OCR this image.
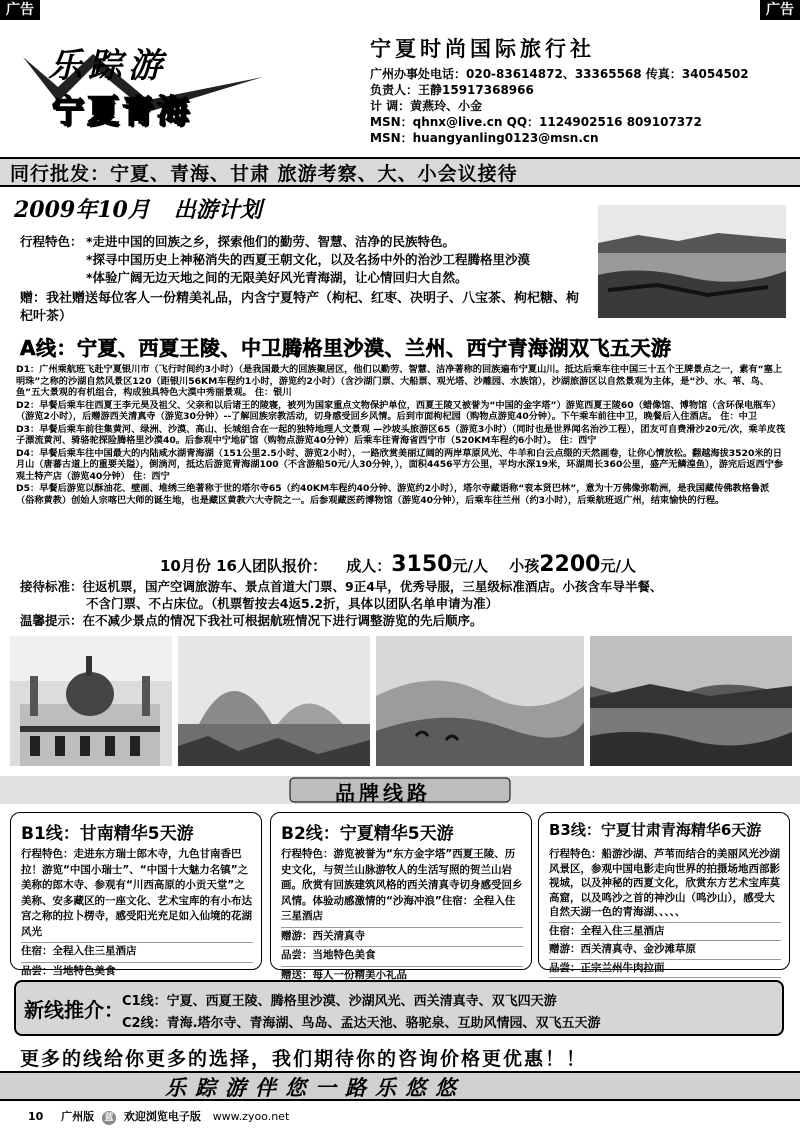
广告	广告
乐踪游
宁夏青海
宁夏时尚国际旅行社
广州办事处电话：020-83614872、33365568 传真：34054502
负责人：王静15917368966
计 调：黄燕玲、小金
MSN：qhnx@live.cn QQ：1124902516 809107372
MSN：huangyanling0123@msn.cn
同行批发：宁夏、青海、甘肃 旅游考察、大、小会议接待
2009年10月 出游计划
行程特色： *走进中国的回族之乡，探索他们的勤劳、智慧、洁净的民族特色。
*探寻中国历史上神秘消失的西夏王朝文化，以及名扬中外的治沙工程腾格里沙漠
*体验广阔无边天地之间的无限美好风光青海湖，让心情回归大自然。
赠：我社赠送每位客人一份精美礼品，内含宁夏特产（枸杞、红枣、决明子、八宝茶、枸杞糖、枸杞叶茶）
A线：宁夏、西夏王陵、中卫腾格里沙漠、兰州、西宁青海湖双飞五天游

D1：广州乘航班飞赴宁夏银川市（飞行时间约3小时）（是我国最大的回族聚居区，他们以勤劳、智慧、洁净著称的回族遍布宁夏山川。抵达后乘车往中国三十五个王牌景点之一，素有“塞上明珠”之称的沙湖自然风景区120（距银川56KM车程约1小时，游览约2小时）（含沙湖门票、大船票、观光塔、沙雕园、水族馆），沙湖旅游区以自然景观为主体，是“沙、水、苇、鸟、鱼”五大景观的有机组合，构成独具特色大漠中秀丽景观。 住：银川

D2：早餐后乘车往西夏王李元昊及祖父、父亲和以后诸王的陵寝，被列为国家重点文物保护单位，西夏王陵又被誉为“中国的金字塔”）游览西夏王陵60（蜡像馆、博物馆（含环保电瓶车）（游览2小时），后赠游西关清真寺（游览30分钟）--了解回族宗教活动，切身感受回乡风情。后到市面枸杞园（购物点游览40分钟）。下午乘车前往中卫，晚餐后入住酒店。 住：中卫

D3：早餐后乘车前往集黄河、绿洲、沙漠、高山、长城组合在一起的独特地理人文景观 —沙坡头旅游区65（游览3小时）（同时也是世界闻名治沙工程），团友可自费滑沙20元/次，乘羊皮筏子漂流黄河、骑骆驼探险腾格里沙漠40。后参观中宁地矿馆（购物点游览40分钟）后乘车往青海省西宁市（520KM车程约6小时）。 住：西宁

D4：早餐后乘车往中国最大的内陆咸水湖青海湖（151公里2.5小时、游览2小时），一路欣赏美丽辽阔的两岸草原风光、牛羊和白云点缀的天然画卷，让你心情放松。翻越海拔3520米的日月山（唐蕃古道上的重要关隘），倒淌河，抵达后游览青海湖100（不含游船50元/人30分钟，），面积4456平方公里，平均水深19米，环湖周长360公里，盛产无鳞湟鱼），游完后返西宁参观土特产店（游览40分钟） 住：西宁

D5：早餐后游览以酥油花、壁画、堆绣三绝著称于世的塔尔寺65（约40KM车程约40分钟、游览约2小时），塔尔寺藏语称“衮本贤巴林”，意为十万佛像弥勒洲，是我国藏传佛教格鲁派（俗称黄教）创始人宗喀巴大师的诞生地，也是藏区黄教六大寺院之一。后参观藏医药博物馆（游览40分钟），后乘车往兰州（约3小时），后乘航班返广州，结束愉快的行程。

10月份 16人团队报价： 成人：3150元/人 小孩2200元/人
接待标准：往返机票，国产空调旅游车、景点首道大门票、9正4早，优秀导服，三星级标准酒店。小孩含车导半餐、
不含门票、不占床位。（机票暂按去4返5.2折，具体以团队名单申请为准）
温馨提示：在不减少景点的情况下我社可根据航班情况下进行调整游览的先后顺序。
品牌线路
B1线：甘南精华5天游
行程特色：走进东方瑞士郎木寺，九色甘南香巴拉！游览“中国小瑞士”、“中国十大魅力名镇”之美称的郎木寺、参观有“川西高原的小贡天堂”之美称、安多藏区的一座文化、艺术宝库的有小布达宫之称的拉卜楞寺，感受阳光充足如入仙境的花湖风光
住宿：全程入住三星酒店
品尝：当地特色美食
B2线：宁夏精华5天游
行程特色：游览被誉为“东方金字塔”西夏王陵、历史文化，与贺兰山脉游牧人的生活写照的贺兰山岩画。欣赏有回族建筑风格的西关清真寺切身感受回乡风情。体验动感激情的“沙海冲浪”住宿：全程入住三星酒店
赠游：西关清真寺
品尝：当地特色美食
赠送：每人一份精美小礼品
B3线：宁夏甘肃青海精华6天游
行程特色：船游沙湖、芦苇而结合的美丽风光沙湖风景区，参观中国电影走向世界的拍摄场地西部影视城，以及神秘的西夏文化，欣赏东方艺术宝库莫高窟，以及鸣沙之首的神沙山（鸣沙山），感受大自然天湖一色的青海湖、、、、、
住宿：全程入住三星酒店
赠游：西关清真寺、金沙滩草原
品尝：正宗兰州牛肉拉面
新线推介：
C1线：宁夏、西夏王陵、腾格里沙漠、沙湖风光、西关清真寺、双飞四天游
C2线：青海.塔尔寺、青海湖、鸟岛、孟达天池、骆驼泉、互助风情园、双飞五天游
更多的线给你更多的选择，我们期待你的咨询价格更优惠！！
乐踪游伴您一路乐悠悠
10 广州版 蓝 欢迎浏览电子版 www.zyoo.net
